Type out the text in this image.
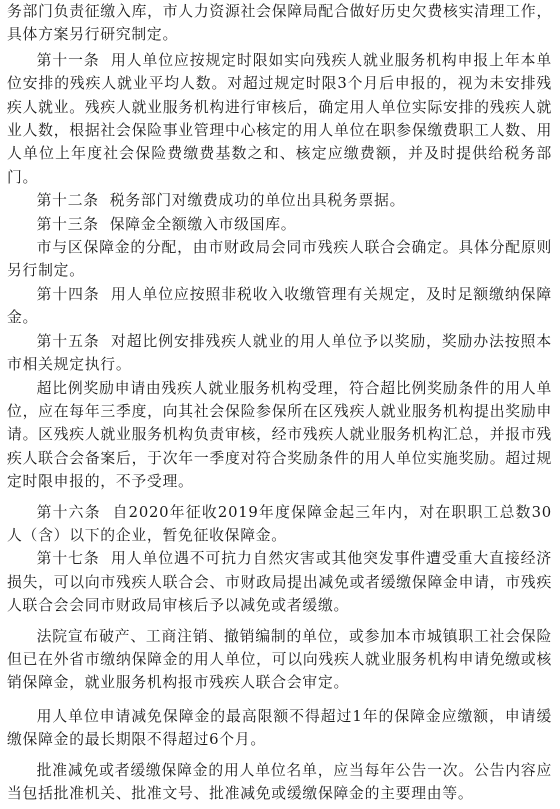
务部门负责征缴入库，市人力资源社会保障局配合做好历史欠费核实清理工作，具体方案另行研究制定。

第十一条 用人单位应按规定时限如实向残疾人就业服务机构申报上年本单位安排的残疾人就业平均人数。对超过规定时限3个月后申报的，视为未安排残疾人就业。残疾人就业服务机构进行审核后，确定用人单位实际安排的残疾人就业人数，根据社会保险事业管理中心核定的用人单位在职参保缴费职工人数、用人单位上年度社会保险费缴费基数之和、核定应缴费额，并及时提供给税务部门。

第十二条 税务部门对缴费成功的单位出具税务票据。

第十三条 保障金全额缴入市级国库。

市与区保障金的分配，由市财政局会同市残疾人联合会确定。具体分配原则另行制定。

第十四条 用人单位应按照非税收入收缴管理有关规定，及时足额缴纳保障金。

第十五条 对超比例安排残疾人就业的用人单位予以奖励，奖励办法按照本市相关规定执行。

超比例奖励申请由残疾人就业服务机构受理，符合超比例奖励条件的用人单位，应在每年三季度，向其社会保险参保所在区残疾人就业服务机构提出奖励申请。区残疾人就业服务机构负责审核，经市残疾人就业服务机构汇总，并报市残疾人联合会备案后，于次年一季度对符合奖励条件的用人单位实施奖励。超过规定时限申报的，不予受理。

第十六条 自2020年征收2019年度保障金起三年内，对在职职工总数30人（含）以下的企业，暂免征收保障金。

第十七条 用人单位遇不可抗力自然灾害或其他突发事件遭受重大直接经济损失，可以向市残疾人联合会、市财政局提出减免或者缓缴保障金申请，市残疾人联合会会同市财政局审核后予以减免或者缓缴。

法院宣布破产、工商注销、撤销编制的单位，或参加本市城镇职工社会保险但已在外省市缴纳保障金的用人单位，可以向残疾人就业服务机构申请免缴或核销保障金，就业服务机构报市残疾人联合会审定。

用人单位申请减免保障金的最高限额不得超过1年的保障金应缴额，申请缓缴保障金的最长期限不得超过6个月。

批准减免或者缓缴保障金的用人单位名单，应当每年公告一次。公告内容应当包括批准机关、批准文号、批准减免或缓缴保障金的主要理由等。
